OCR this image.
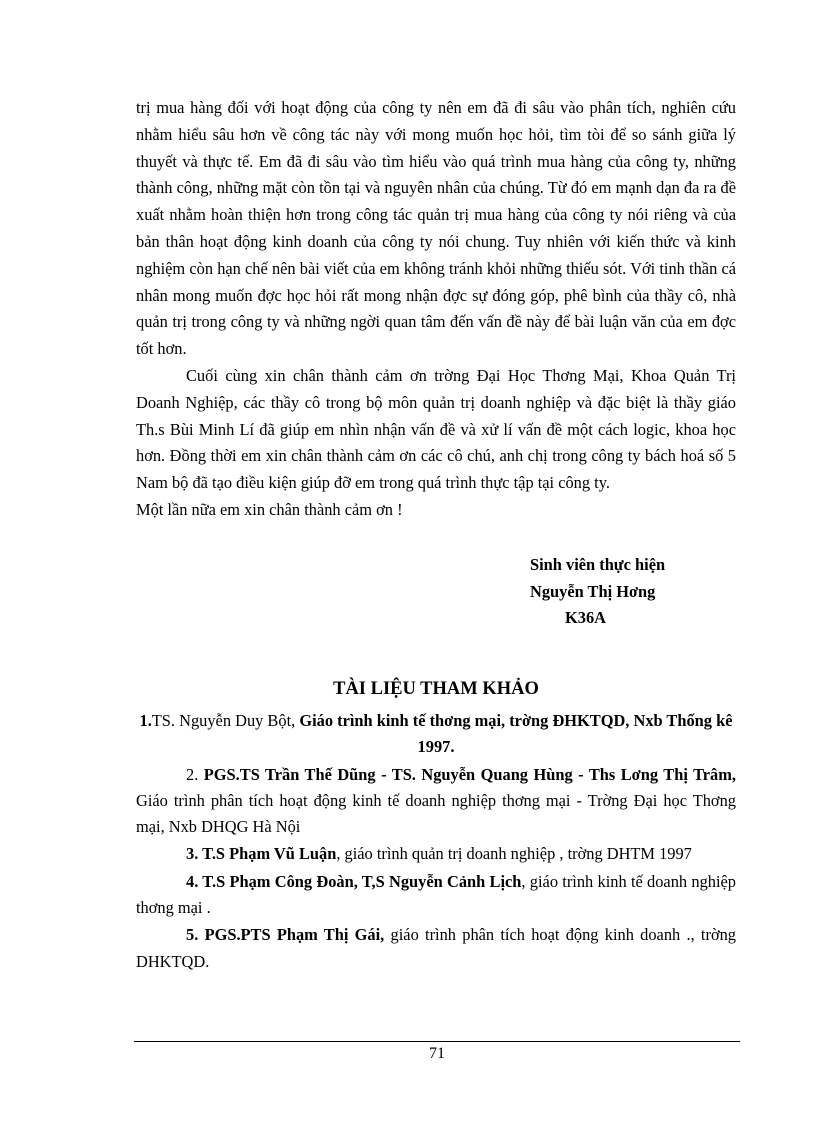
trị mua hàng đối với hoạt động của công ty nên em đã đi sâu vào phân tích, nghiên cứu nhằm hiểu sâu hơn về công tác này với mong muốn học hỏi, tìm tòi để so sánh giữa lý thuyết và thực tế. Em đã đi sâu vào tìm hiểu vào quá trình mua hàng của công ty, những thành công, những mặt còn tồn tại và nguyên nhân của chúng. Từ đó em mạnh dạn đa ra đề xuất nhằm hoàn thiện hơn trong công tác quản trị mua hàng của công ty nói riêng và của bản thân hoạt động kinh doanh của công ty nói chung. Tuy nhiên với kiến thức và kinh nghiệm còn hạn chế nên bài viết của em không tránh khỏi những thiếu sót. Với tinh thần cá nhân mong muốn đợc học hỏi rất mong nhận đợc sự đóng góp, phê bình của thầy cô, nhà quản trị trong công ty và những ngời quan tâm đến vấn đề này để bài luận văn của em đợc tốt hơn.

Cuối cùng xin chân thành cảm ơn trờng Đại Học Thơng Mại, Khoa Quản Trị Doanh Nghiệp, các thầy cô trong bộ môn quản trị doanh nghiệp và đặc biệt là thầy giáo Th.s Bùi Minh Lí đã giúp em nhìn nhận vấn đề và xử lí vấn đề một cách logic, khoa học hơn. Đồng thời em xin chân thành cảm ơn các cô chú, anh chị trong công ty bách hoá số 5 Nam bộ đã tạo điều kiện giúp đỡ em trong quá trình thực tập tại công ty.

Một lần nữa em xin chân thành cảm ơn !

Sinh viên thực hiện
Nguyễn Thị Hơng
K36A
TÀI LIỆU THAM KHẢO

1.TS. Nguyễn Duy Bột, Giáo trình kinh tế thơng mại, trờng ĐHKTQD, Nxb Thống kê 1997.

2. PGS.TS Trần Thế Dũng - TS. Nguyễn Quang Hùng - Ths Lơng Thị Trâm, Giáo trình phân tích hoạt động kinh tế doanh nghiệp thơng mại - Trờng Đại học Thơng mại, Nxb DHQG Hà Nội

3. T.S Phạm Vũ Luận, giáo trình quản trị doanh nghiệp , trờng DHTM 1997

4. T.S Phạm Công Đoàn, T,S Nguyễn Cảnh Lịch, giáo trình kinh tế doanh nghiệp thơng mại .

5. PGS.PTS Phạm Thị Gái, giáo trình phân tích hoạt động kinh doanh ., trờng DHKTQD.

71
